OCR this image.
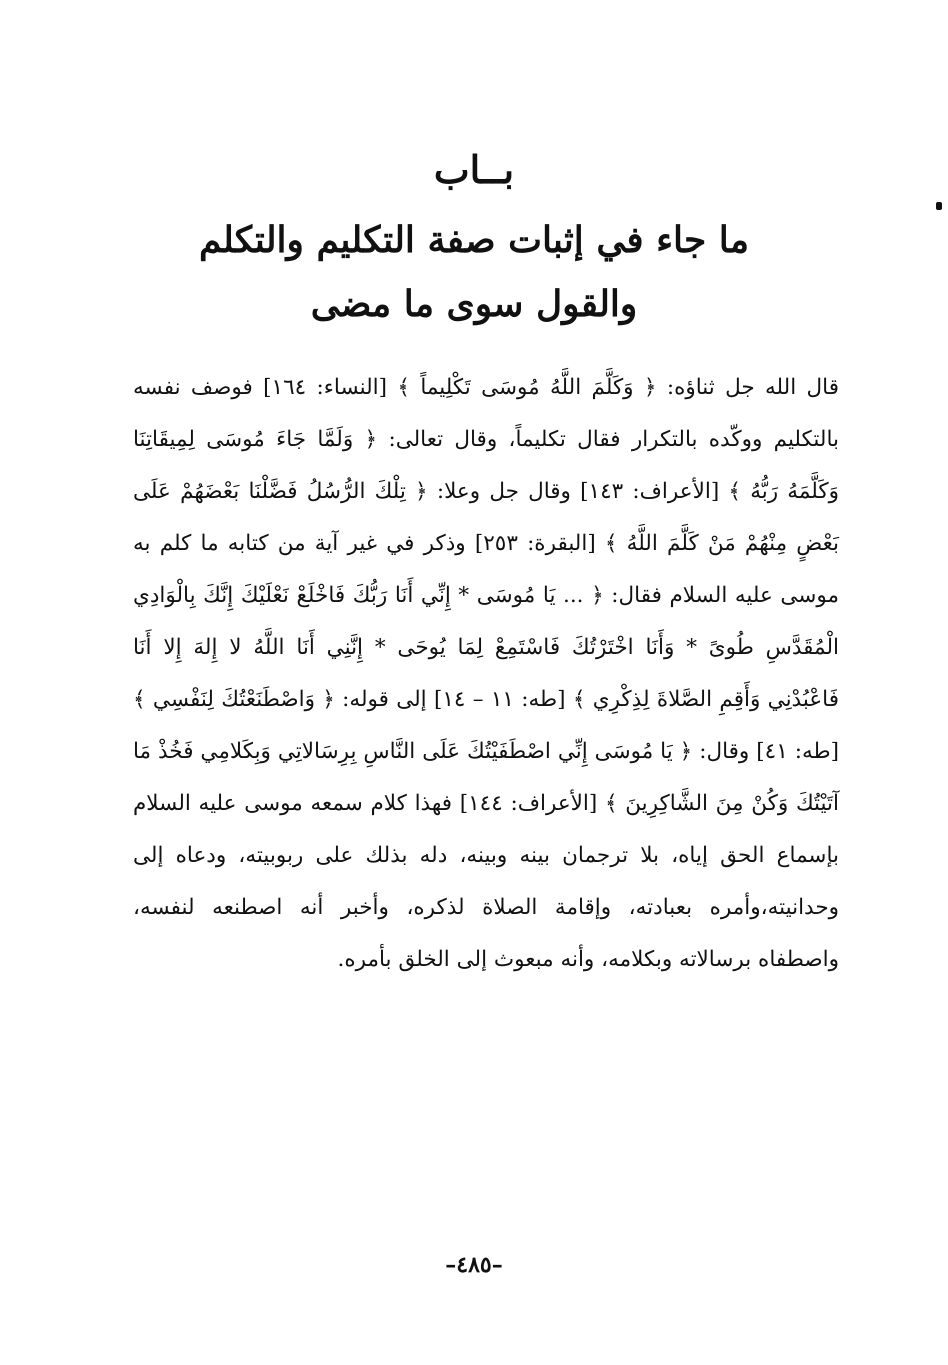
بــاب
ما جاء في إثبات صفة التكليم والتكلم
والقول سوى ما مضى

قال الله جل ثناؤه: ﴿ وَكَلَّمَ اللَّهُ مُوسَى تَكْلِيماً ﴾ [النساء: ١٦٤] فوصف نفسه بالتكليم ووكّده بالتكرار فقال تكليماً، وقال تعالى: ﴿ وَلَمَّا جَاءَ مُوسَى لِمِيقَاتِنَا وَكَلَّمَهُ رَبُّهُ ﴾ [الأعراف: ١٤٣] وقال جل وعلا: ﴿ تِلْكَ الرُّسُلُ فَضَّلْنَا بَعْضَهُمْ عَلَى بَعْضٍ مِنْهُمْ مَنْ كَلَّمَ اللَّهُ ﴾ [البقرة: ٢٥٣] وذكر في غير آية من كتابه ما كلم به موسى عليه السلام فقال: ﴿ ... يَا مُوسَى * إِنِّي أَنَا رَبُّكَ فَاخْلَعْ نَعْلَيْكَ إِنَّكَ بِالْوَادِي الْمُقَدَّسِ طُوىً * وَأَنَا اخْتَرْتُكَ فَاسْتَمِعْ لِمَا يُوحَى * إِنَّنِي أَنَا اللَّهُ لا إِلهَ إِلا أَنَا فَاعْبُدْنِي وَأَقِمِ الصَّلاةَ لِذِكْرِي ﴾ [طه: ١١ – ١٤] إلى قوله: ﴿ وَاصْطَنَعْتُكَ لِنَفْسِي ﴾ [طه: ٤١] وقال: ﴿ يَا مُوسَى إِنِّي اصْطَفَيْتُكَ عَلَى النَّاسِ بِرِسَالاتِي وَبِكَلامِي فَخُذْ مَا آتَيْتُكَ وَكُنْ مِنَ الشَّاكِرِينَ ﴾ [الأعراف: ١٤٤] فهذا كلام سمعه موسى عليه السلام بإسماع الحق إياه، بلا ترجمان بينه وبينه، دله بذلك على ربوبيته، ودعاه إلى وحدانيته،وأمره بعبادته، وإقامة الصلاة لذكره، وأخبر أنه اصطنعه لنفسه، واصطفاه برسالاته وبكلامه، وأنه مبعوث إلى الخلق بأمره.

–٤٨٥–
